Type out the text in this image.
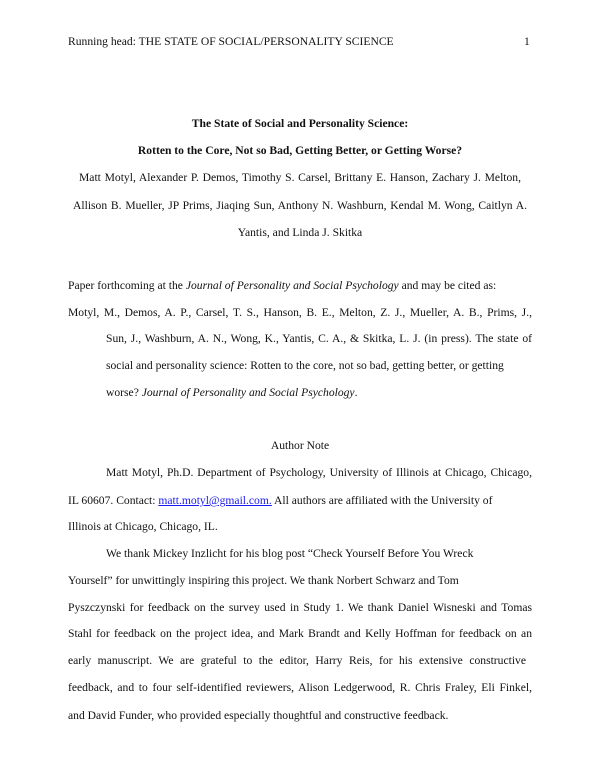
Running head: THE STATE OF SOCIAL/PERSONALITY SCIENCE	1
The State of Social and Personality Science:
Rotten to the Core, Not so Bad, Getting Better, or Getting Worse?
Matt Motyl, Alexander P. Demos, Timothy S. Carsel, Brittany E. Hanson, Zachary J. Melton,
Allison B. Mueller, JP Prims, Jiaqing Sun, Anthony N. Washburn, Kendal M. Wong, Caitlyn A.
Yantis, and Linda J. Skitka
Paper forthcoming at the Journal of Personality and Social Psychology and may be cited as:
Motyl, M., Demos, A. P., Carsel, T. S., Hanson, B. E., Melton, Z. J., Mueller, A. B., Prims, J.,
Sun, J., Washburn, A. N., Wong, K., Yantis, C. A., & Skitka, L. J. (in press). The state of
social and personality science: Rotten to the core, not so bad, getting better, or getting
worse? Journal of Personality and Social Psychology.
Author Note
Matt Motyl, Ph.D. Department of Psychology, University of Illinois at Chicago, Chicago,
IL 60607. Contact: matt.motyl@gmail.com. All authors are affiliated with the University of
Illinois at Chicago, Chicago, IL.
We thank Mickey Inzlicht for his blog post “Check Yourself Before You Wreck
Yourself” for unwittingly inspiring this project. We thank Norbert Schwarz and Tom
Pyszczynski for feedback on the survey used in Study 1. We thank Daniel Wisneski and Tomas
Stahl for feedback on the project idea, and Mark Brandt and Kelly Hoffman for feedback on an
early manuscript. We are grateful to the editor, Harry Reis, for his extensive constructive
feedback, and to four self-identified reviewers, Alison Ledgerwood, R. Chris Fraley, Eli Finkel,
and David Funder, who provided especially thoughtful and constructive feedback.
